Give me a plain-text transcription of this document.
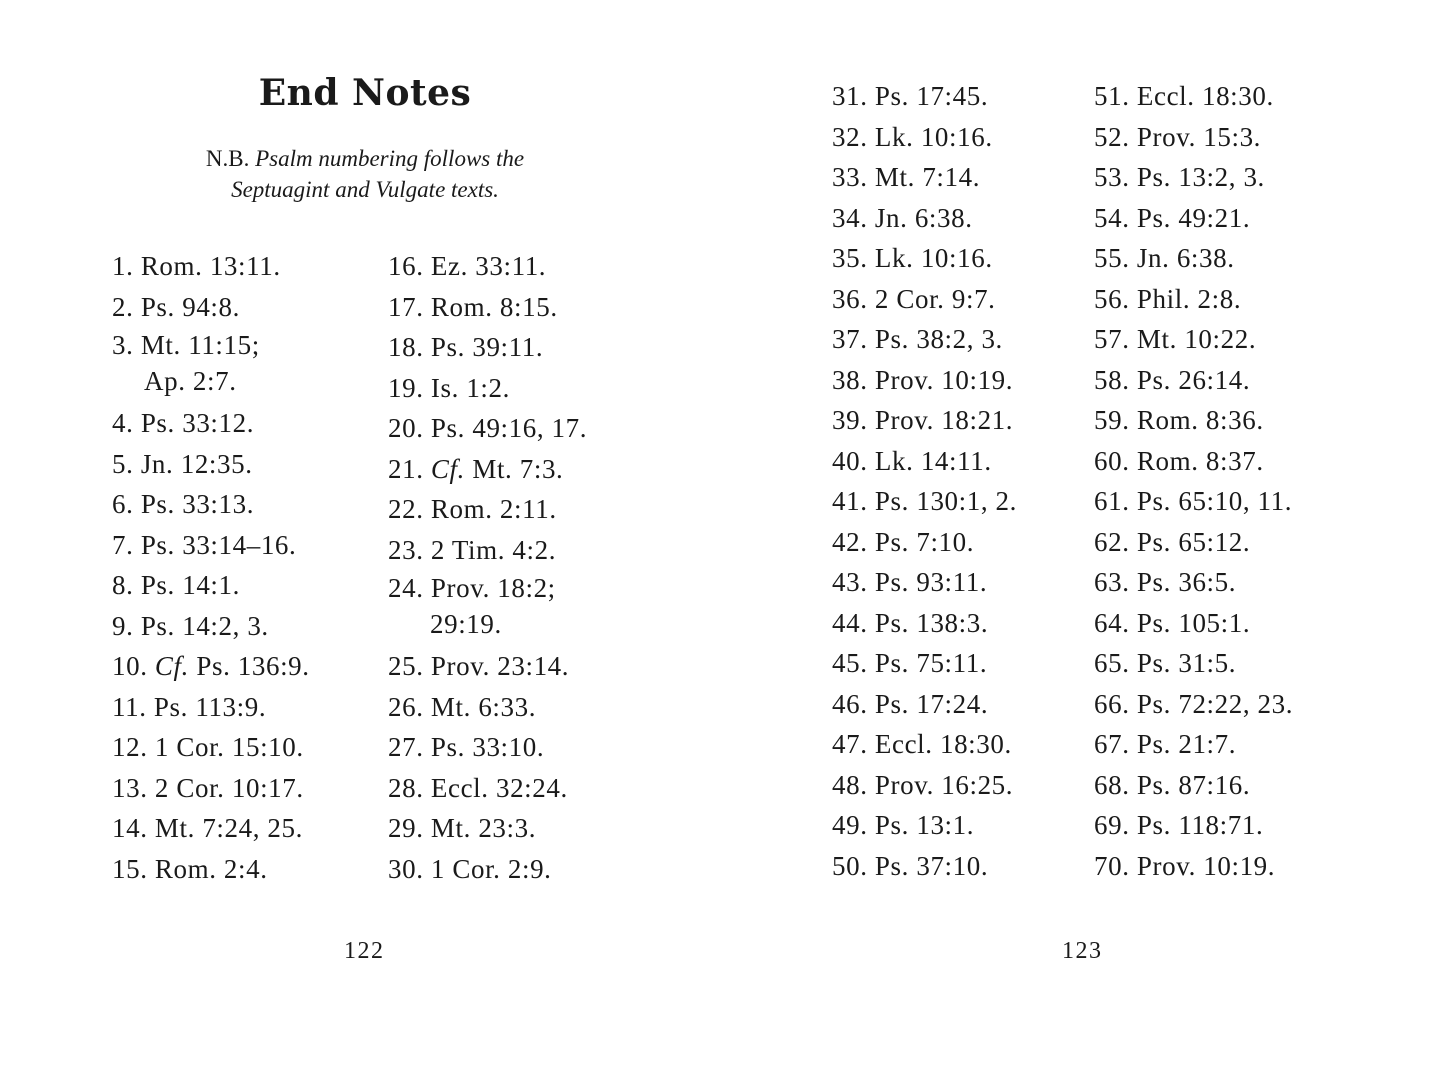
End Notes
N.B. Psalm numbering follows the
Septuagint and Vulgate texts.
1. Rom. 13:11.
2. Ps. 94:8.
3. Mt. 11:15;
Ap. 2:7.
4. Ps. 33:12.
5. Jn. 12:35.
6. Ps. 33:13.
7. Ps. 33:14–16.
8. Ps. 14:1.
9. Ps. 14:2, 3.
10. Cf. Ps. 136:9.
11. Ps. 113:9.
12. 1 Cor. 15:10.
13. 2 Cor. 10:17.
14. Mt. 7:24, 25.
15. Rom. 2:4.
16. Ez. 33:11.
17. Rom. 8:15.
18. Ps. 39:11.
19. Is. 1:2.
20. Ps. 49:16, 17.
21. Cf. Mt. 7:3.
22. Rom. 2:11.
23. 2 Tim. 4:2.
24. Prov. 18:2;
29:19.
25. Prov. 23:14.
26. Mt. 6:33.
27. Ps. 33:10.
28. Eccl. 32:24.
29. Mt. 23:3.
30. 1 Cor. 2:9.
122
31. Ps. 17:45.
32. Lk. 10:16.
33. Mt. 7:14.
34. Jn. 6:38.
35. Lk. 10:16.
36. 2 Cor. 9:7.
37. Ps. 38:2, 3.
38. Prov. 10:19.
39. Prov. 18:21.
40. Lk. 14:11.
41. Ps. 130:1, 2.
42. Ps. 7:10.
43. Ps. 93:11.
44. Ps. 138:3.
45. Ps. 75:11.
46. Ps. 17:24.
47. Eccl. 18:30.
48. Prov. 16:25.
49. Ps. 13:1.
50. Ps. 37:10.
51. Eccl. 18:30.
52. Prov. 15:3.
53. Ps. 13:2, 3.
54. Ps. 49:21.
55. Jn. 6:38.
56. Phil. 2:8.
57. Mt. 10:22.
58. Ps. 26:14.
59. Rom. 8:36.
60. Rom. 8:37.
61. Ps. 65:10, 11.
62. Ps. 65:12.
63. Ps. 36:5.
64. Ps. 105:1.
65. Ps. 31:5.
66. Ps. 72:22, 23.
67. Ps. 21:7.
68. Ps. 87:16.
69. Ps. 118:71.
70. Prov. 10:19.
123
